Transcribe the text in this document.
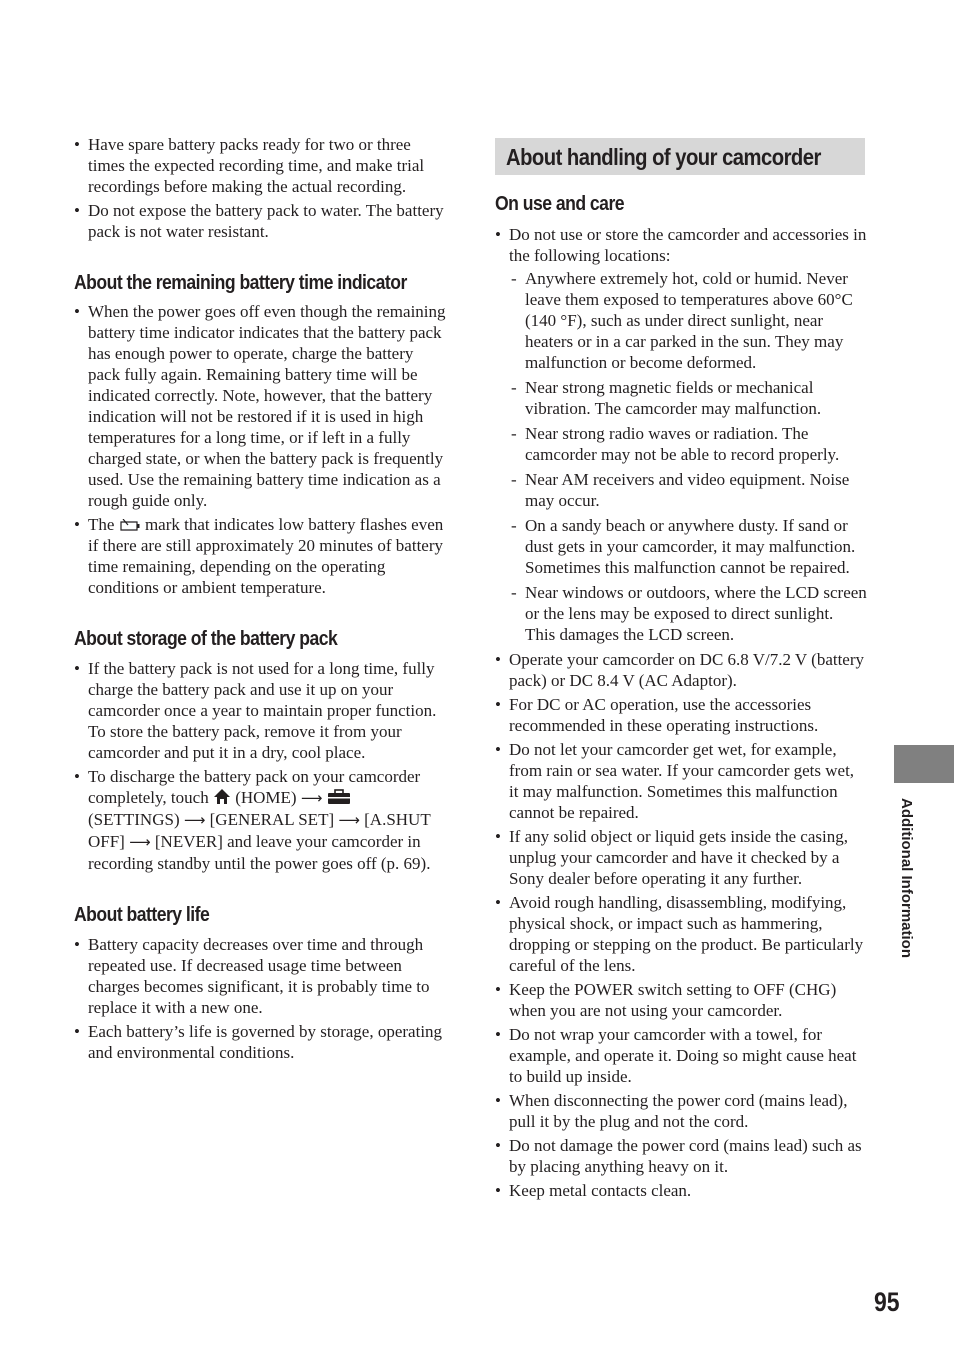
• Have spare battery packs ready for two or three times the expected recording time, and make trial recordings before making the actual recording.
• Do not expose the battery pack to water. The battery pack is not water resistant.
About the remaining battery time indicator
• When the power goes off even though the remaining battery time indicator indicates that the battery pack has enough power to operate, charge the battery pack fully again. Remaining battery time will be indicated correctly. Note, however, that the battery indication will not be restored if it is used in high temperatures for a long time, or if left in a fully charged state, or when the battery pack is frequently used. Use the remaining battery time indication as a rough guide only.
• The mark that indicates low battery flashes even if there are still approximately 20 minutes of battery time remaining, depending on the operating conditions or ambient temperature.
About storage of the battery pack
• If the battery pack is not used for a long time, fully charge the battery pack and use it up on your camcorder once a year to maintain proper function. To store the battery pack, remove it from your camcorder and put it in a dry, cool place.
• To discharge the battery pack on your camcorder completely, touch (HOME) ⟶  (SETTINGS) ⟶ [GENERAL SET] ⟶ [A.SHUT OFF] ⟶ [NEVER] and leave your camcorder in recording standby until the power goes off (p. 69).
About battery life
• Battery capacity decreases over time and through repeated use. If decreased usage time between charges becomes significant, it is probably time to replace it with a new one.
• Each battery’s life is governed by storage, operating and environmental conditions.
About handling of your camcorder
On use and care
• Do not use or store the camcorder and accessories in the following locations:
- Anywhere extremely hot, cold or humid. Never leave them exposed to temperatures above 60°C (140 °F), such as under direct sunlight, near heaters or in a car parked in the sun. They may malfunction or become deformed.
- Near strong magnetic fields or mechanical vibration. The camcorder may malfunction.
- Near strong radio waves or radiation. The camcorder may not be able to record properly.
- Near AM receivers and video equipment. Noise may occur.
- On a sandy beach or anywhere dusty. If sand or dust gets in your camcorder, it may malfunction. Sometimes this malfunction cannot be repaired.
- Near windows or outdoors, where the LCD screen or the lens may be exposed to direct sunlight. This damages the LCD screen.
• Operate your camcorder on DC 6.8 V/7.2 V (battery pack) or DC 8.4 V (AC Adaptor).
• For DC or AC operation, use the accessories recommended in these operating instructions.
• Do not let your camcorder get wet, for example, from rain or sea water. If your camcorder gets wet, it may malfunction. Sometimes this malfunction cannot be repaired.
• If any solid object or liquid gets inside the casing, unplug your camcorder and have it checked by a Sony dealer before operating it any further.
• Avoid rough handling, disassembling, modifying, physical shock, or impact such as hammering, dropping or stepping on the product. Be particularly careful of the lens.
• Keep the POWER switch setting to OFF (CHG) when you are not using your camcorder.
• Do not wrap your camcorder with a towel, for example, and operate it. Doing so might cause heat to build up inside.
• When disconnecting the power cord (mains lead), pull it by the plug and not the cord.
• Do not damage the power cord (mains lead) such as by placing anything heavy on it.
• Keep metal contacts clean.
Additional Information
95
